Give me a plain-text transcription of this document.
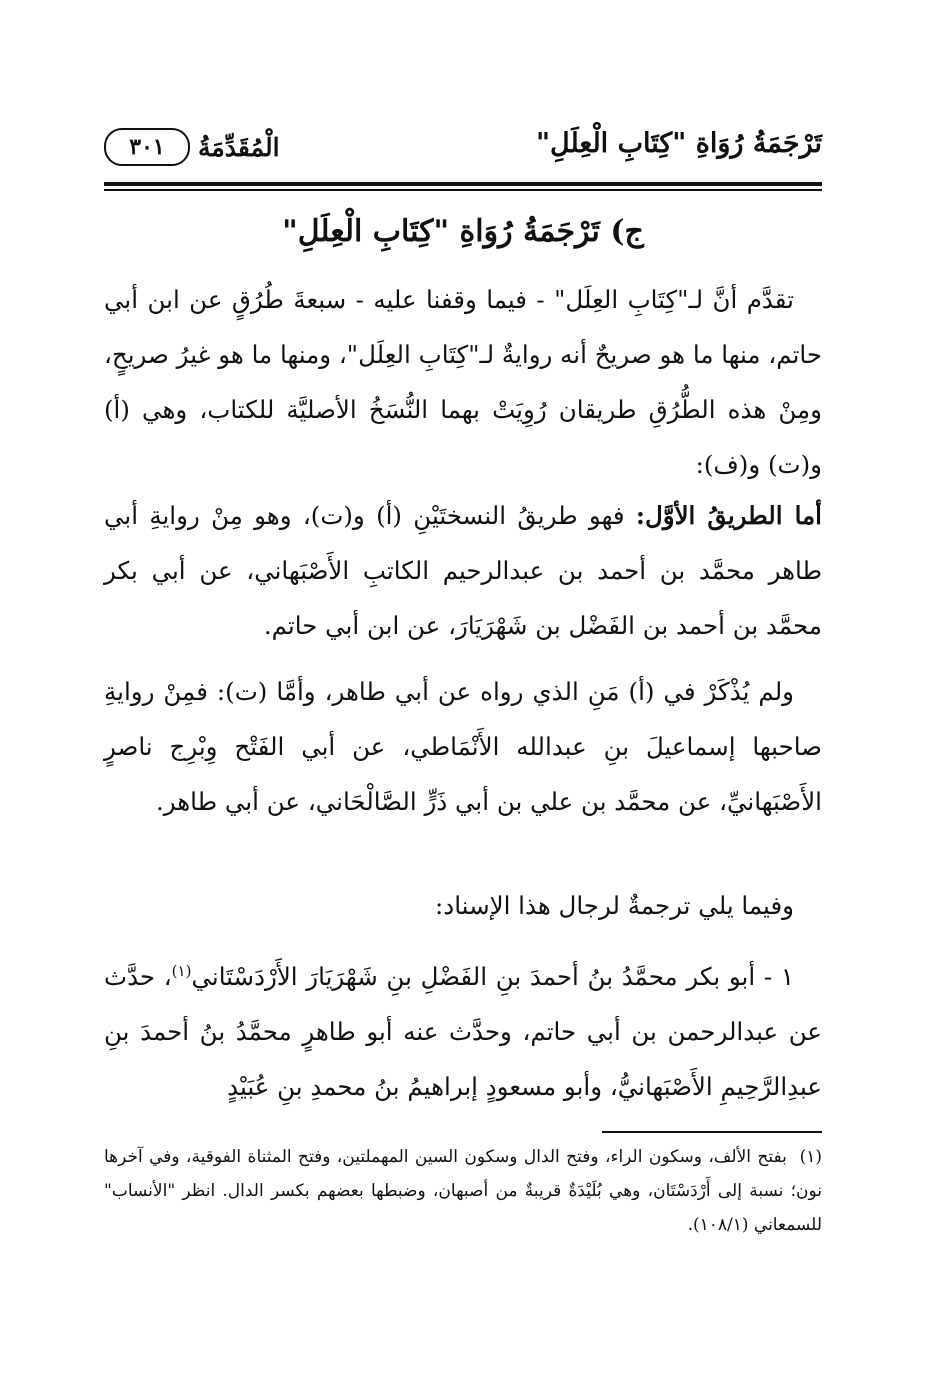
تَرْجَمَةُ رُوَاةِ "كِتَابِ الْعِلَلِ"
الْمُقَدِّمَةُ
٣٠١
ج) تَرْجَمَةُ رُوَاةِ "كِتَابِ الْعِلَلِ"
تقدَّم أنَّ لـ"كِتَابِ العِلَل" - فيما وقفنا عليه - سبعةَ طُرُقٍ عن ابن أبي حاتم، منها ما هو صريحٌ أنه روايةٌ لـ"كِتَابِ العِلَل"، ومنها ما هو غيرُ صريحٍ، ومِنْ هذه الطُّرُقِ طريقان رُوِيَتْ بهما النُّسَخُ الأصليَّة للكتاب، وهي (أ) و(ت) و(ف):
أما الطريقُ الأوَّل: فهو طريقُ النسختَيْنِ (أ) و(ت)، وهو مِنْ روايةِ أبي طاهر محمَّد بن أحمد بن عبدالرحيم الكاتبِ الأَصْبَهاني، عن أبي بكر محمَّد بن أحمد بن الفَضْل بن شَهْرَيَارَ، عن ابن أبي حاتم.
ولم يُذْكَرْ في (أ) مَنِ الذي رواه عن أبي طاهر، وأمَّا (ت): فمِنْ روايةِ صاحبها إسماعيلَ بنِ عبدالله الأَنْمَاطي، عن أبي الفَتْح وِبْرِج ناصرٍ الأَصْبَهانيِّ، عن محمَّد بن علي بن أبي ذَرٍّ الصَّالْحَاني، عن أبي طاهر.
وفيما يلي ترجمةٌ لرجال هذا الإسناد:
١ - أبو بكر محمَّدُ بنُ أحمدَ بنِ الفَضْلِ بنِ شَهْرَيَارَ الأَرْدَسْتَاني$^{(١)}$، حدَّث عن عبدالرحمن بن أبي حاتم، وحدَّث عنه أبو طاهرٍ محمَّدُ بنُ أحمدَ بنِ عبدِالرَّحِيمِ الأَصْبَهانيُّ، وأبو مسعودٍ إبراهيمُ بنُ محمدِ بنِ عُبَيْدٍ
(١)  بفتح الألف، وسكون الراء، وفتح الدال وسكون السين المهملتين، وفتح المثناة الفوقية، وفي آخرها نون؛ نسبة إلى أَرْدَسْتَان، وهي بُلَيْدَةٌ قريبةٌ من أصبهان، وضبطها بعضهم بكسر الدال. انظر "الأنساب" للسمعاني (١٠٨/١).
